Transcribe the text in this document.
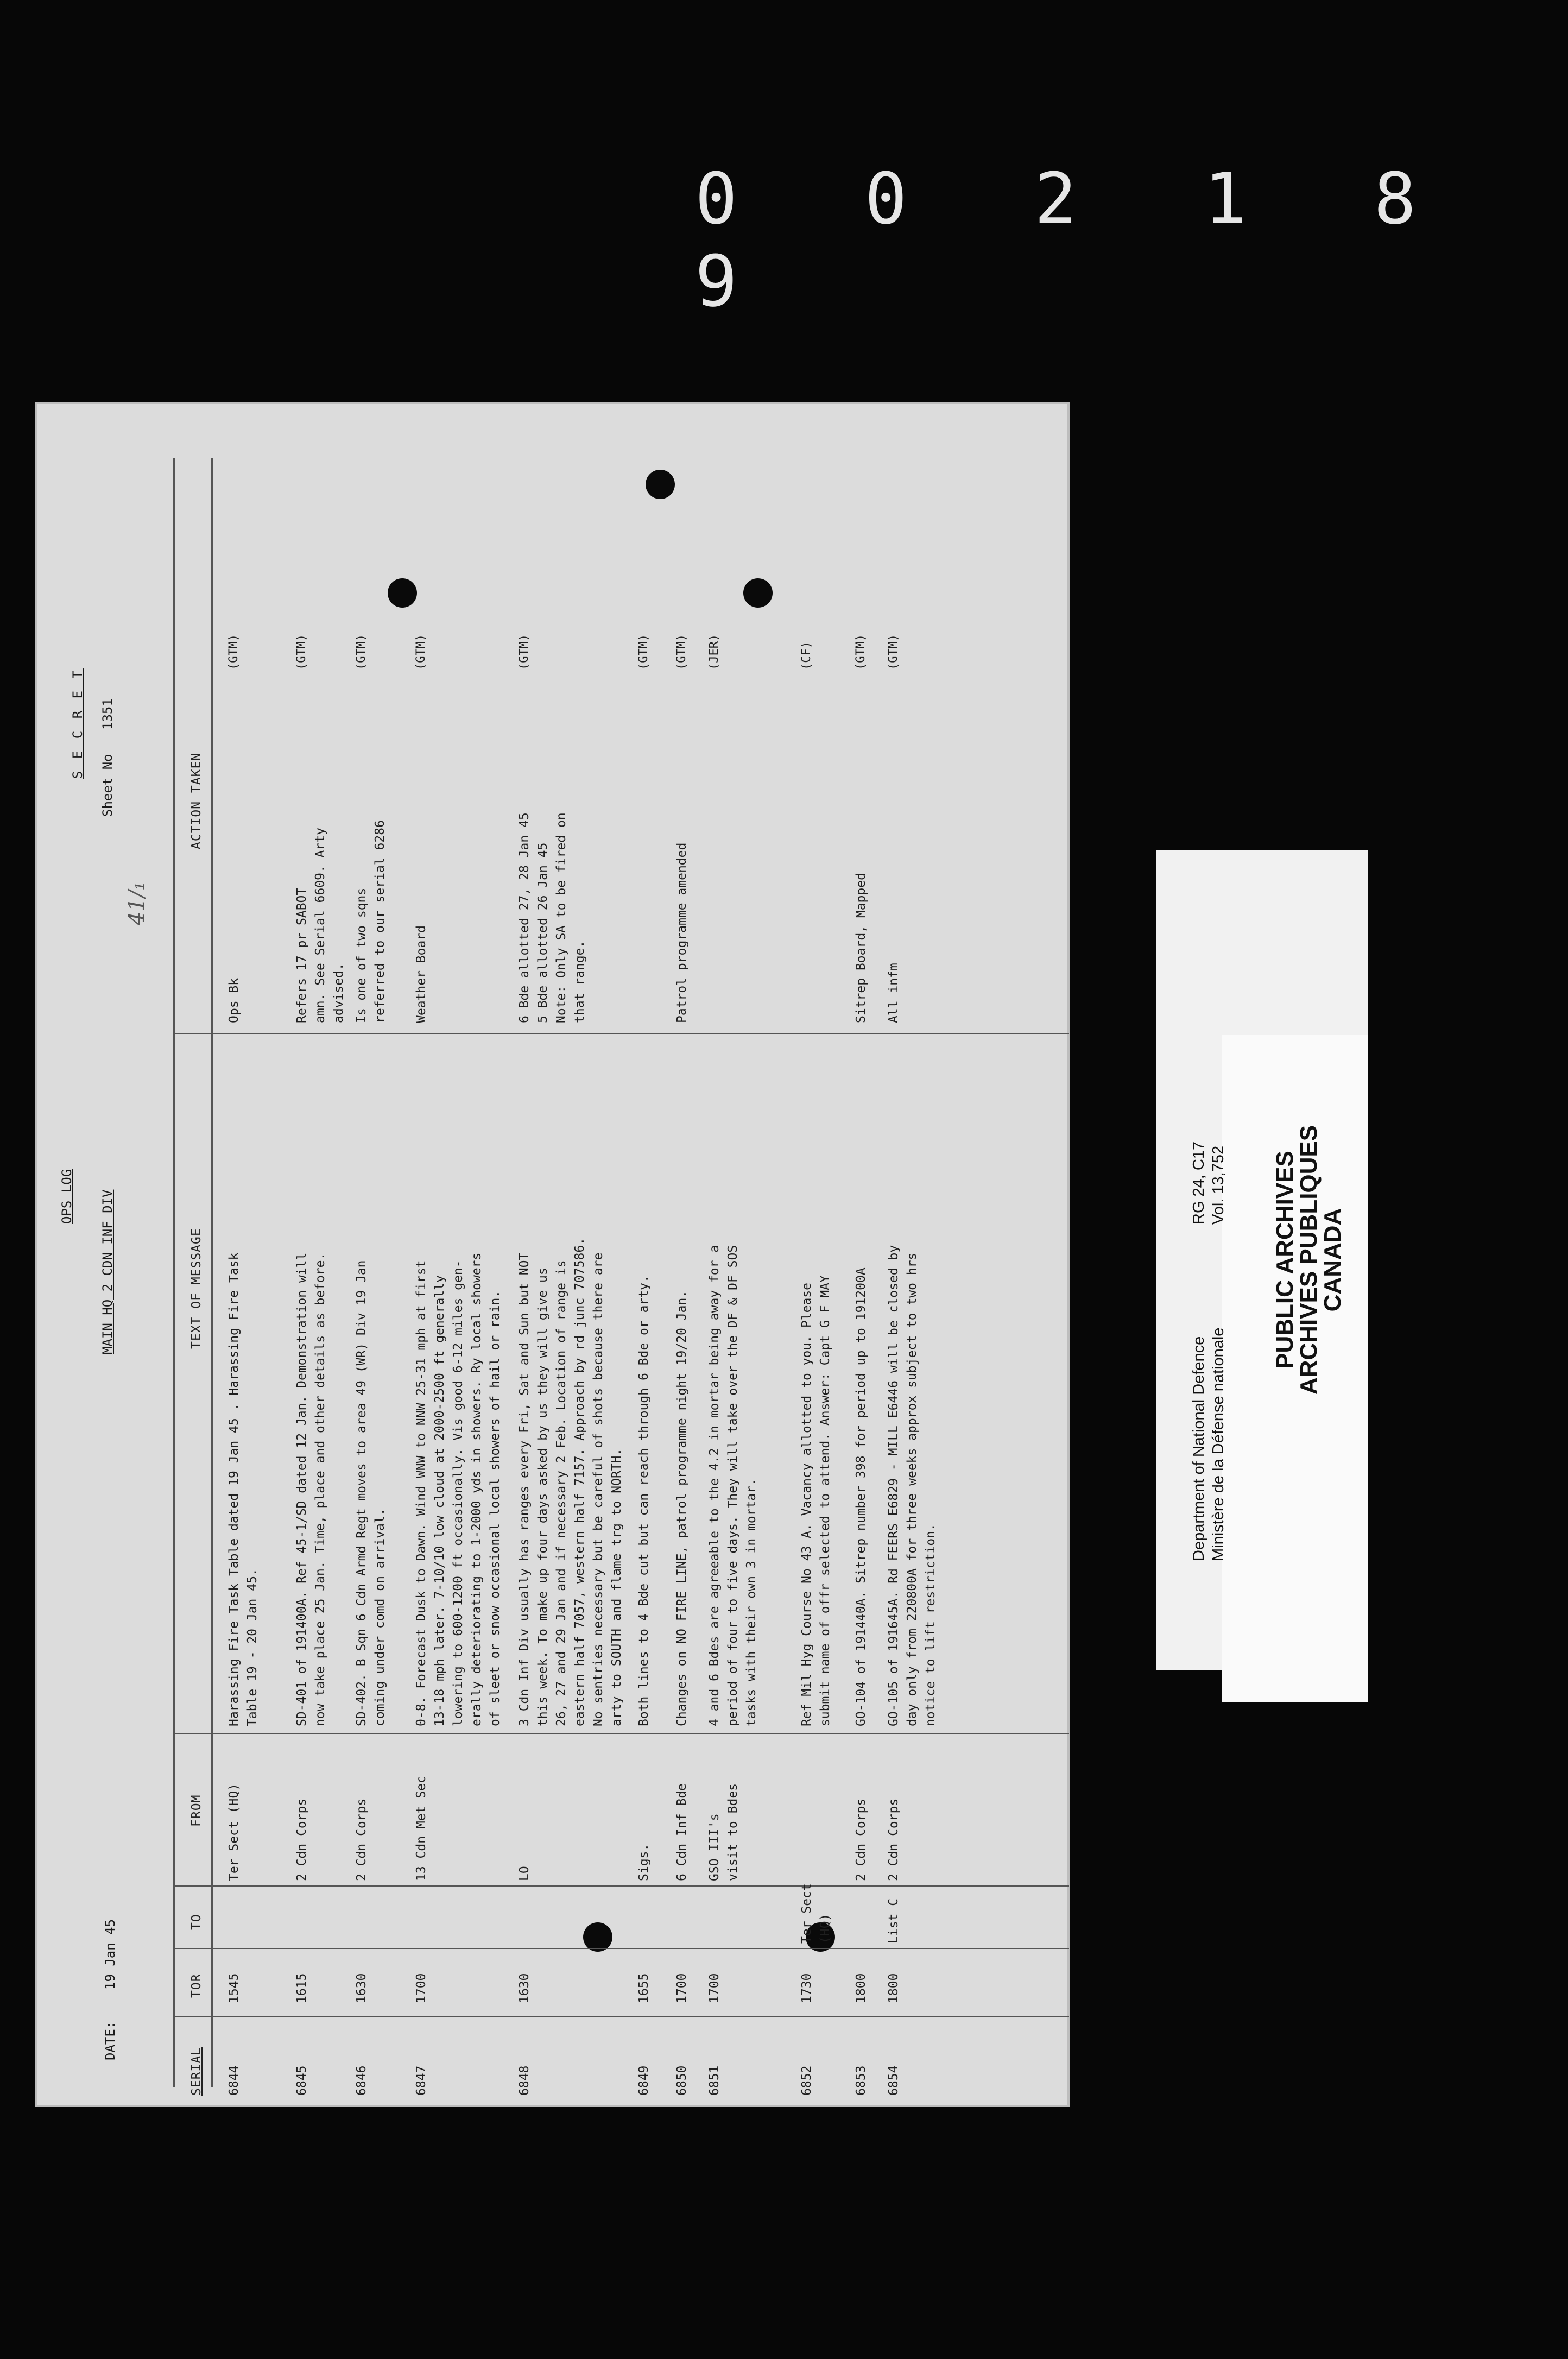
0 0 2 1 8 9
DATE:
19 Jan 45
OPS LOG MAIN HQ 2 CDN INF DIV
41∕₁
S E C R E T
Sheet No
1351
SERIAL
TOR
TO
FROM
TEXT OF MESSAGE
ACTION TAKEN
6844
1545
Ter Sect (HQ)
Harassing Fire Task Table dated 19 Jan 45 . Harassing Fire Task
Table 19 - 20 Jan 45.
Ops Bk
(GTM)
6845
1615
2 Cdn Corps
SD-401 of 191400A. Ref 45-1/SD dated 12 Jan. Demonstration will
now take place 25 Jan. Time, place and other details as before.
Refers 17 pr SABOT
amn. See Serial 6609. Arty
advised.
(GTM)
6846
1630
2 Cdn Corps
SD-402. B Sqn 6 Cdn Armd Regt moves to area 49 (WR) Div 19 Jan
coming under comd on arrival.
Is one of two sqns
referred to our serial 6286
(GTM)
6847
1700
13 Cdn Met Sec
0-8. Forecast Dusk to Dawn. Wind WNW to NNW 25-31 mph at first
13-18 mph later. 7-10/10 low cloud at 2000-2500 ft generally
lowering to 600-1200 ft occasionally. Vis good 6-12 miles gen-
erally deteriorating to 1-2000 yds in showers. Ry local showers
of sleet or snow occasional local showers of hail or rain.
Weather Board
(GTM)
6848
1630
LO
3 Cdn Inf Div usually has ranges every Fri, Sat and Sun but NOT
this week. To make up four days asked by us they will give us
26, 27 and 29 Jan and if necessary 2 Feb. Location of range is
eastern half 7057, western half 7157. Approach by rd junc 707586.
No sentries necessary but be careful of shots because there are
arty to SOUTH and flame trg to NORTH.
6 Bde allotted 27, 28 Jan 45
5 Bde allotted 26 Jan 45
Note: Only SA to be fired on
that range.
(GTM)
6849
1655
Sigs.
Both lines to 4 Bde cut but can reach through 6 Bde or arty.
(GTM)
6850
1700
6 Cdn Inf Bde
Changes on NO FIRE LINE, patrol programme night 19/20 Jan.
Patrol programme amended
(GTM)
6851
1700
GSO III's
visit to Bdes
4 and 6 Bdes are agreeable to the 4.2 in mortar being away for a
period of four to five days. They will take over the DF & DF SOS
tasks with their own 3 in mortar.
(JER)
6852
1730
Ter Sect (HQ)
Ref Mil Hyg Course No 43 A. Vacancy allotted to you. Please
submit name of offr selected to attend. Answer: Capt G F MAY
(CF)
6853
1800
2 Cdn Corps
GO-104 of 191440A. Sitrep number 398 for period up to 191200A
Sitrep Board, Mapped
(GTM)
6854
1800
List C
2 Cdn Corps
GO-105 of 191645A. Rd FEERS E6829 - MILL E6446 will be closed by
day only from 220800A for three weeks approx subject to two hrs
notice to lift restriction.
All infm
(GTM)
Department of National Defence Ministère de la Défense nationale
RG 24, C17 Vol. 13,752 PUBLIC ARCHIVES
ARCHIVES PUBLIQUES
CANADA
